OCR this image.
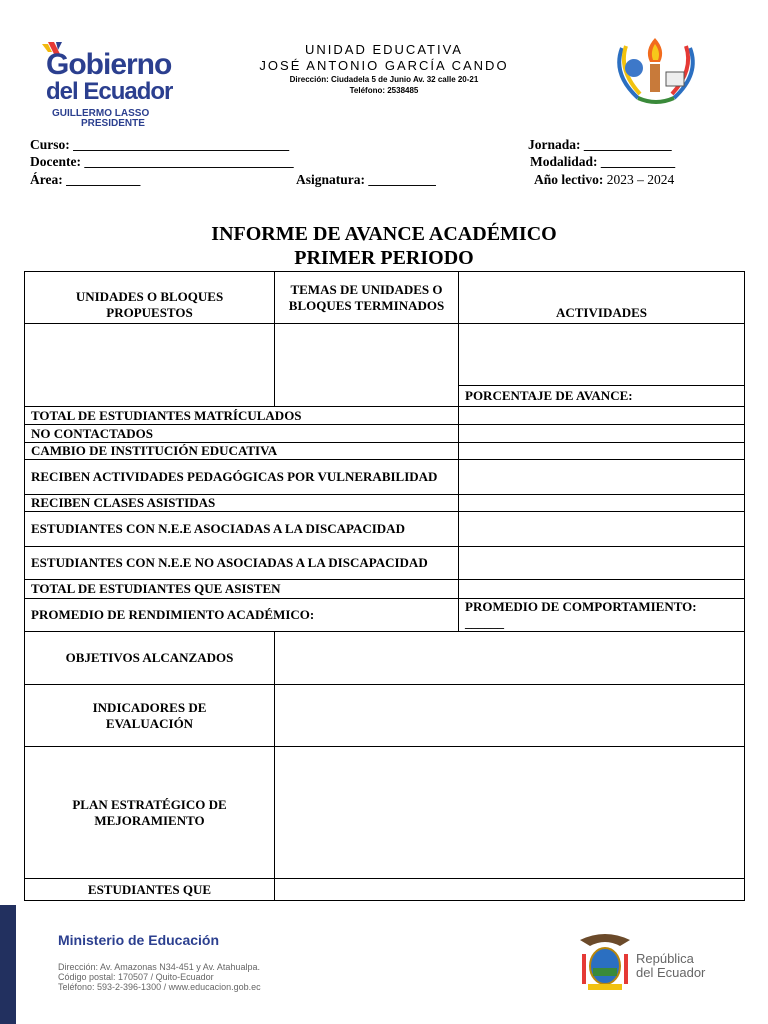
Gobierno
del Ecuador
GUILLERMO LASSO
PRESIDENTE
UNIDAD EDUCATIVA
JOSÉ ANTONIO GARCÍA CANDO
Dirección: Ciudadela 5 de Junio Av. 32 calle 20-21
Teléfono: 2538485
Curso: ________________________________
Docente: _______________________________
Área: ___________	Asignatura: __________
Jornada: _____________
Modalidad: ___________
Año lectivo: 2023 – 2024
INFORME DE AVANCE ACADÉMICO
PRIMER PERIODO
UNIDADES O BLOQUES PROPUESTOS	TEMAS DE UNIDADES O BLOQUES TERMINADOS	ACTIVIDADES

		PORCENTAJE DE AVANCE:
TOTAL DE ESTUDIANTES MATRÍCULADOS		
NO CONTACTADOS		
CAMBIO DE INSTITUCIÓN EDUCATIVA		
RECIBEN ACTIVIDADES PEDAGÓGICAS POR VULNERABILIDAD		
RECIBEN CLASES ASISTIDAS		
ESTUDIANTES CON N.E.E ASOCIADAS A LA DISCAPACIDAD		
ESTUDIANTES CON N.E.E NO ASOCIADAS A LA DISCAPACIDAD		
TOTAL DE ESTUDIANTES QUE ASISTEN		
PROMEDIO DE RENDIMIENTO ACADÉMICO:		PROMEDIO DE COMPORTAMIENTO: ______
OBJETIVOS ALCANZADOS		
INDICADORES DE EVALUACIÓN		
PLAN ESTRATÉGICO DE MEJORAMIENTO		
ESTUDIANTES QUE		
Ministerio de Educación
Dirección: Av. Amazonas N34-451 y Av. Atahualpa.
Código postal: 170507 / Quito-Ecuador
Teléfono: 593-2-396-1300 / www.educacion.gob.ec
República
del Ecuador
